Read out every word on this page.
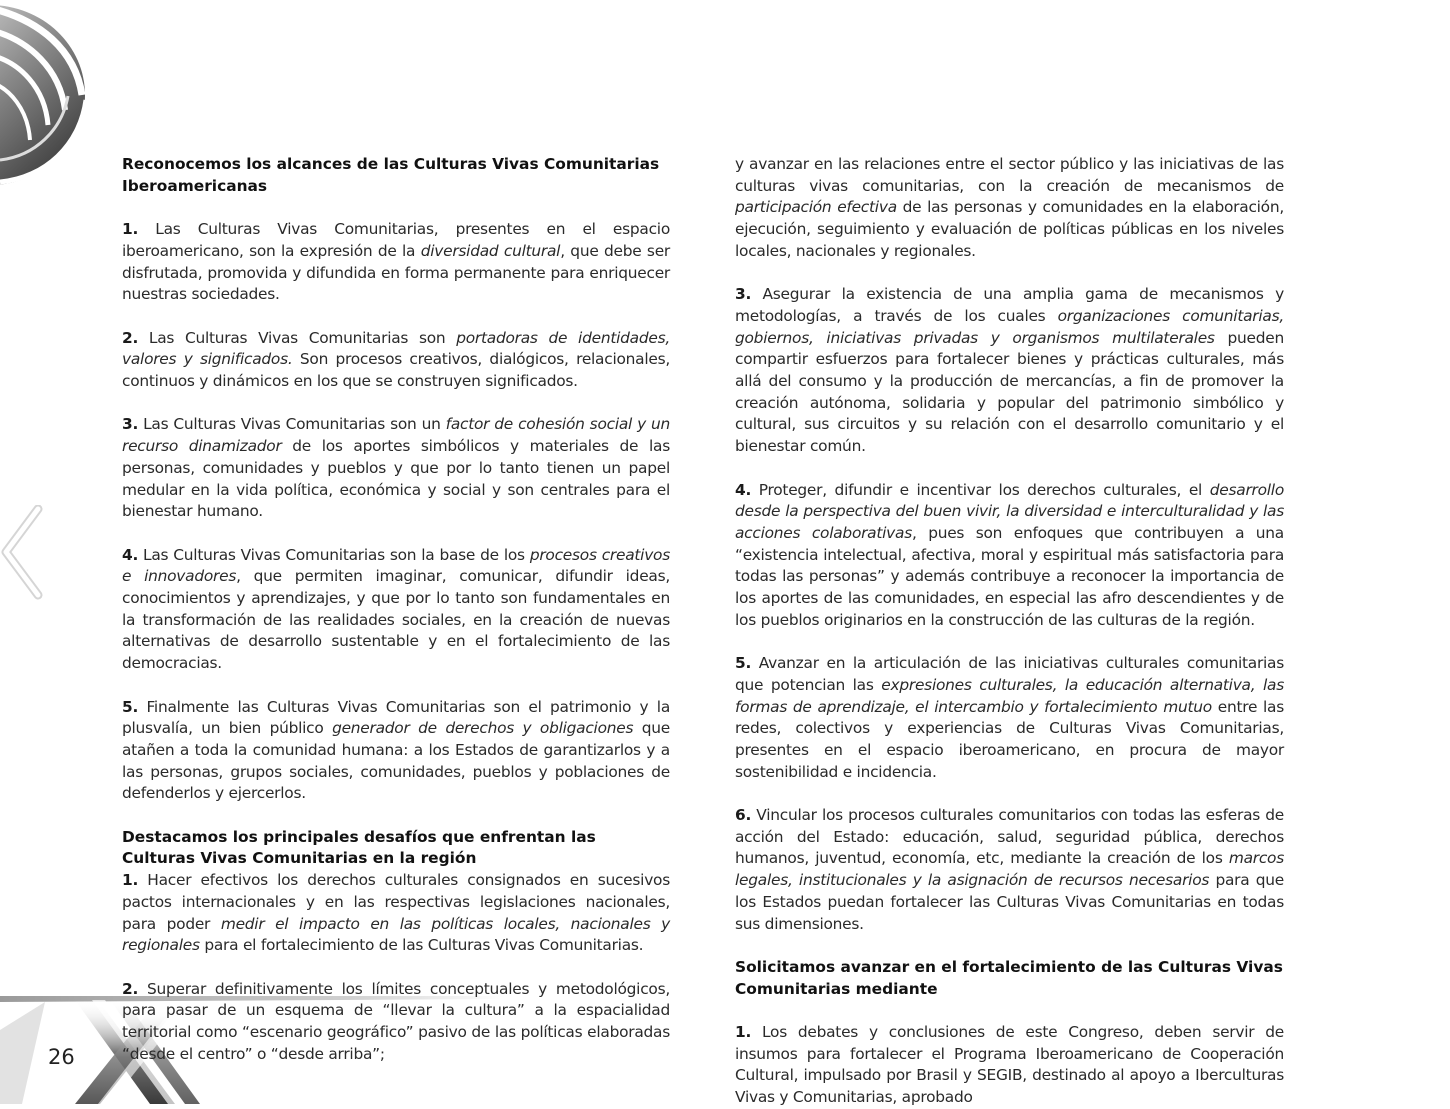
26

Reconocemos los alcances de las Culturas Vivas Comunitarias Iberoamericanas

1. Las Culturas Vivas Comunitarias, presentes en el espacio iberoamericano, son la expresión de la diversidad cultural, que debe ser disfrutada, promovida y difundida en forma permanente para enriquecer nuestras sociedades.

2. Las Culturas Vivas Comunitarias son portadoras de identidades, valores y significados. Son procesos creativos, dialógicos, relacionales, continuos y dinámicos en los que se construyen significados.

3. Las Culturas Vivas Comunitarias son un factor de cohesión social y un recurso dinamizador de los aportes simbólicos y materiales de las personas, comunidades y pueblos y que por lo tanto tienen un papel medular en la vida política, económica y social y son centrales para el bienestar humano.

4. Las Culturas Vivas Comunitarias son la base de los procesos creativos e innovadores, que permiten imaginar, comunicar, difundir ideas, conocimientos y aprendizajes, y que por lo tanto son fundamentales en la transformación de las realidades sociales, en la creación de nuevas alternativas de desarrollo sustentable y en el fortalecimiento de las democracias.

5. Finalmente las Culturas Vivas Comunitarias son el patrimonio y la plusvalía, un bien público generador de derechos y obligaciones que atañen a toda la comunidad humana: a los Estados de garantizarlos y a las personas, grupos sociales, comunidades, pueblos y poblaciones de defenderlos y ejercerlos.

Destacamos los principales desafíos que enfrentan las Culturas Vivas Comunitarias en la región

1. Hacer efectivos los derechos culturales consignados en sucesivos pactos internacionales y en las respectivas legislaciones nacionales, para poder medir el impacto en las políticas locales, nacionales y regionales para el fortalecimiento de las Culturas Vivas Comunitarias.

2. Superar definitivamente los límites conceptuales y metodológicos, para pasar de un esquema de “llevar la cultura” a la espacialidad territorial como “escenario geográfico” pasivo de las políticas elaboradas “desde el centro” o “desde arriba”;

y avanzar en las relaciones entre el sector público y las iniciativas de las culturas vivas comunitarias, con la creación de mecanismos de participación efectiva de las personas y comunidades en la elaboración, ejecución, seguimiento y evaluación de políticas públicas en los niveles locales, nacionales y regionales.

3. Asegurar la existencia de una amplia gama de mecanismos y metodologías, a través de los cuales organizaciones comunitarias, gobiernos, iniciativas privadas y organismos multilaterales pueden compartir esfuerzos para fortalecer bienes y prácticas culturales, más allá del consumo y la producción de mercancías, a fin de promover la creación autónoma, solidaria y popular del patrimonio simbólico y cultural, sus circuitos y su relación con el desarrollo comunitario y el bienestar común.

4. Proteger, difundir e incentivar los derechos culturales, el desarrollo desde la perspectiva del buen vivir, la diversidad e interculturalidad y las acciones colaborativas, pues son enfoques que contribuyen a una “existencia intelectual, afectiva, moral y espiritual más satisfactoria para todas las personas” y además contribuye a reconocer la importancia de los aportes de las comunidades, en especial las afro descendientes y de los pueblos originarios en la construcción de las culturas de la región.

5. Avanzar en la articulación de las iniciativas culturales comunitarias que potencian las expresiones culturales, la educación alternativa, las formas de aprendizaje, el intercambio y fortalecimiento mutuo entre las redes, colectivos y experiencias de Culturas Vivas Comunitarias, presentes en el espacio iberoamericano, en procura de mayor sostenibilidad e incidencia.

6. Vincular los procesos culturales comunitarios con todas las esferas de acción del Estado: educación, salud, seguridad pública, derechos humanos, juventud, economía, etc, mediante la creación de los marcos legales, institucionales y la asignación de recursos necesarios para que los Estados puedan fortalecer las Culturas Vivas Comunitarias en todas sus dimensiones.

Solicitamos avanzar en el fortalecimiento de las Culturas Vivas Comunitarias mediante

1. Los debates y conclusiones de este Congreso, deben servir de insumos para fortalecer el Programa Iberoamericano de Cooperación Cultural, impulsado por Brasil y SEGIB, destinado al apoyo a Iberculturas Vivas y Comunitarias, aprobado
